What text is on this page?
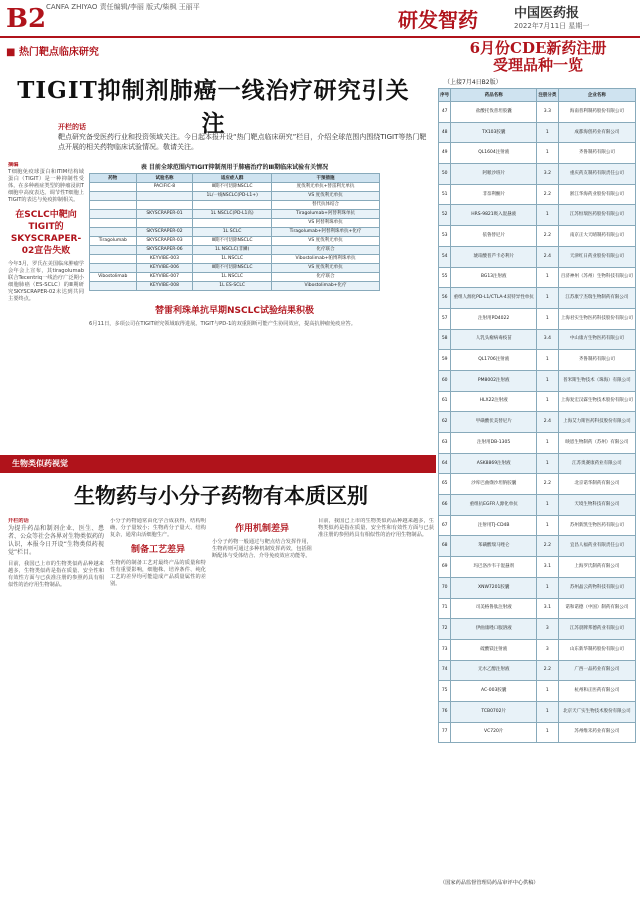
B2 CANFA ZHIYAO 责任编辑/李丽 版式/柴枫 王丽平
研发智药	中国医药报
2022年7月11日 星期一
■ 热门靶点临床研究
TIGIT抑制剂肺癌一线治疗研究引关注
开栏的话
靶点研究备受医药行业和投资领域关注。今日起本报开设“热门靶点临床研究”栏目，介绍全球范围内围绕TIGIT等热门靶点开展的相关药物临床试验情况。敬请关注。

摘编

T细胞免疫球蛋白和ITIM结构域蛋白（TIGIT）是一种抑制性受体，在多种癌症类型的肿瘤浸润T细胞中高度表达。调节性T细胞上TIGIT的表达与免疫抑制相关。

在SCLC中靶向TIGIT的SKYSCRAPER-02宣告失败

今年3月，罗氏在美国临床肿瘤学会年会上宣布，其tiragolumab联合Tecentriq一线治疗广泛期小细胞肺癌（ES-SCLC）的Ⅲ期研究SKYSCRAPER-02未达到共同主要终点。

表 目前全球范围内TIGIT抑制剂用于肺癌治疗的Ⅲ期临床试验有关情况
药物	试验名称	适应症人群	干预措施
	PACIFIC-8	Ⅲ期不可切除NSCLC	度伐利尤单抗+替雷利尤单抗
		1L/一线NSCLC(PD-L1+)	VS 度伐利尤单抗
			替代抗体结合
	SKYSCRAPER-01	1L NSCLC(PD-L1高)	Tiragolumab+阿替利珠单抗
			VS 阿替利珠单抗
	SKYSCRAPER-02	1L SCLC	Tiragolumab+阿替利珠单抗+化疗
Tiragolumab	SKYSCRAPER-03	Ⅲ期不可切除NSCLC	VS 度伐利尤单抗
	SKYSCRAPER-06	1L NSCLC(非鳞)	化疗联合
	KEYVIBE-003	1L NSCLC	Vibostolimab+帕博利珠单抗
	KEYVIBE-006	Ⅲ期不可切除NSCLC	VS 度伐利尤单抗
Vibostolimab	KEYVIBE-007	1L NSCLC	化疗联合
	KEYVIBE-008	1L ES-SCLC	Vibostolimab+化疗
替雷利珠单抗早期NSCLC试验结果积极

6月11日，多项公司在TIGIT研究领域取得进展。TIGIT与PD-1的双重阻断可能产生协同效应，提高抗肿瘤免疫应答。

6月份CDE新药注册
受理品种一览
（上接7月4日B2版）
序号	药品名称	注册分类	企业名称
47	盐酸托伐普坦胶囊	3.3	海南普利制药股份有限公司
48	TX103胶囊	1	成都海创药业有限公司
49	QL1604注射液	1	齐鲁制药有限公司
50	阿哌沙班片	3.2	重庆药友制药有限责任公司
51	非奈利酮片	2.2	浙江华海药业股份有限公司
52	HRS-9821吸入混悬液	1	江苏恒瑞医药股份有限公司
53	依鲁替尼片	2.2	南京正大天晴制药有限公司
54	琥珀酸普芦卡必利片	2.4	天津红日药业股份有限公司
55	BG13注射液	1	百济神州（苏州）生物科技有限公司
56	重组人源化PD-L1/CTLA-4双特异性单抗	1	江苏康宁杰瑞生物制药有限公司
57	注射用PD4022	1	上海君实生物医药科技股份有限公司
58	人乳头瘤病毒疫苗	3.4	中山康方生物医药有限公司
59	QL1706注射液	1	齐鲁制药有限公司
60	PM8002注射液	1	普米斯生物技术（珠海）有限公司
61	HLX22注射液	1	上海复宏汉霖生物技术股份有限公司
62	甲磺酸伏美替尼片	2.4	上海艾力斯医药科技股份有限公司
63	注射用DB-1305	1	映恩生物制药（苏州）有限公司
64	ASK8869注射液	1	江苏奥赛康药业有限公司
65	沙库巴曲缬沙坦钠胶囊	2.2	北京诺华制药有限公司
66	重组抗EGFR人源化单抗	1	天境生物科技有限公司
67	注射用TJ-CD4B	1	苏州新凯生物医药有限公司
68	苯磺酸瑞马唑仑	2.2	宜昌人福药业有限责任公司
69	玛巴洛沙韦干混悬剂	3.1	上海罗氏制药有限公司
70	XNW7201胶囊	1	苏州晶云药物科技有限公司
71	司美格鲁肽注射液	3.1	诺和诺德（中国）制药有限公司
72	伊曲康唑口服溶液	3	江苏晨牌邦德药业有限公司
73	硫酸镁注射液	3	山东新华制药股份有限公司
74	无水乙醇注射液	2.2	广西一品药业有限公司
75	AC-003胶囊	1	杭州和正医药有限公司
76	TCB0702片	1	北京天广实生物技术股份有限公司
77	VC720片	1	苏州维禾药业有限公司
（国家药品监督管理局药品审评中心供稿）
生物类似药视觉
生物药与小分子药物有本质区别

开栏的话

为提升药品和制剂企业、医生、患者、公众等社会各界对生物类似药的认识，本报今日开设“生物类似药视觉”栏目。

目前，我国已上市的生物类似药品种越来越多，生物类似药是指在质量、安全性和有效性方面与已获准注册的参照药具有相似性的治疗用生物制品。

小分子药物通常由化学合成获得，结构明确，分子量较小；生物药分子量大、结构复杂，通常由活细胞生产。

制备工艺差异

生物药的制备工艺对最终产品的质量和特性有重要影响，细胞株、培养条件、纯化工艺的差异均可能造成产品质量属性的差别。

作用机制差异

小分子药物一般通过与靶点结合发挥作用，生物药则可通过多种机制发挥药效，包括阻断配体与受体结合、介导免疫效应功能等。

目前，我国已上市的生物类似药品种越来越多，生物类似药是指在质量、安全性和有效性方面与已获准注册的参照药具有相似性的治疗用生物制品。
